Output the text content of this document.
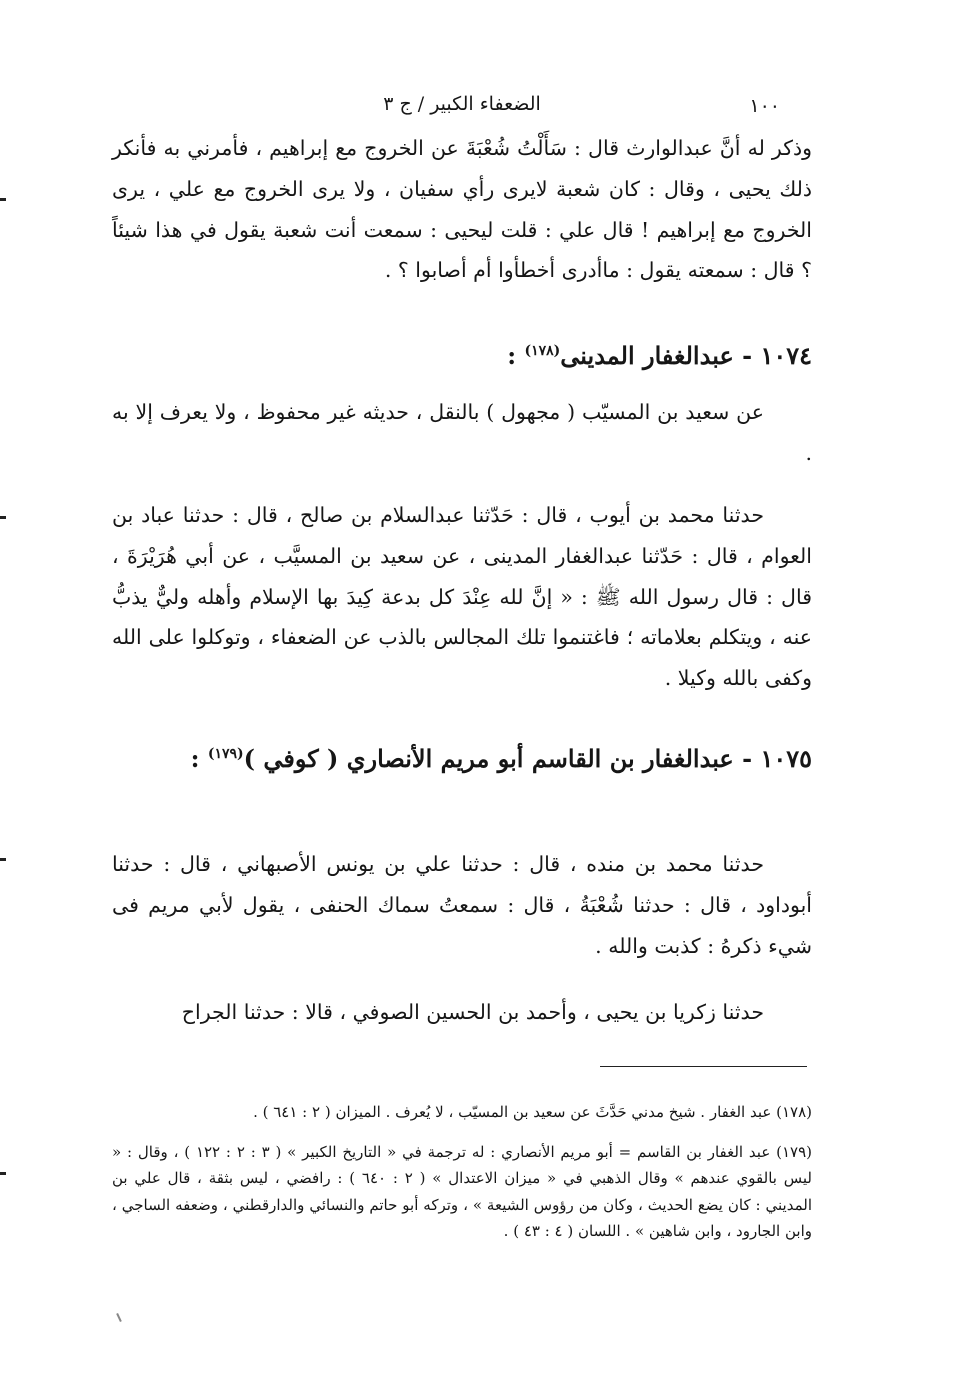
الضعفاء الكبير / ج ٣	١٠٠

وذكر له أنَّ عبدالوارث قال : سَأَلْتُ شُعْبَةَ عن الخروج مع إبراهيم ، فأمرني به فأنكر ذلك يحيى ، وقال : كان شعبة لايرى رأي سفيان ، ولا يرى الخروج مع علي ، يرى الخروج مع إبراهيم ! قال علي : قلت ليحيى : سمعت أنت شعبة يقول في هذا شيئاً ؟ قال : سمعته يقول : ماأدرى أخطأوا أم أصابوا ؟ .

١٠٧٤ - عبدالغفار المدينى$^{(١٧٨)}$ :

عن سعيد بن المسيّب ( مجهول ) بالنقل ، حديثه غير محفوظ ، ولا يعرف إلا به .

حدثنا محمد بن أيوب ، قال : حَدّثنا عبدالسلام بن صالح ، قال : حدثنا عباد بن العوام ، قال : حَدّثنا عبدالغفار المدينى ، عن سعيد بن المسيَّب ، عن أبي هُرَيْرَةَ ، قال : قال رسول الله ﷺ : « إنَّ لله عِنْدَ كل بدعة كِيدَ بها الإسلام وأهله وليٌّ يذبُّ عنه ، ويتكلم بعلاماته ؛ فاغتنموا تلك المجالس بالذب عن الضعفاء ، وتوكلوا على الله وكفى بالله وكيلا .

١٠٧٥ - عبدالغفار بن القاسم أبو مريم الأنصاري ( كوفي )$^{(١٧٩)}$ :

حدثنا محمد بن منده ، قال : حدثنا علي بن يونس الأصبهاني ، قال : حدثنا أبوداود ، قال : حدثنا شُعْبَةُ ، قال : سمعتُ سماك الحنفى ، يقول لأبي مريم فى شيء ذكرهُ : كذبت والله .

حدثنا زكريا بن يحيى ، وأحمد بن الحسين الصوفي ، قالا : حدثنا الجراح

(١٧٨) عبد الغفار . شيخ مدني حَدَّثَ عن سعيد بن المسيّب ، لا يُعرف . الميزان ( ٢ : ٦٤١ ) .

(١٧٩) عبد الغفار بن القاسم = أبو مريم الأنصاري : له ترجمة في « التاريخ الكبير » ( ٣ : ٢ : ١٢٢ ) ، وقال : « ليس بالقوي عندهم » وقال الذهبي في « ميزان الاعتدال » ( ٢ : ٦٤٠ ) : رافضي ، ليس بثقة ، قال علي بن المديني : كان يضع الحديث ، وكان من رؤوس الشيعة » ، وتركه أبو حاتم والنسائي والدارقطني ، وضعفه الساجي ، وابن الجارود ، وابن شاهين » . اللسان ( ٤ : ٤٣ ) .
